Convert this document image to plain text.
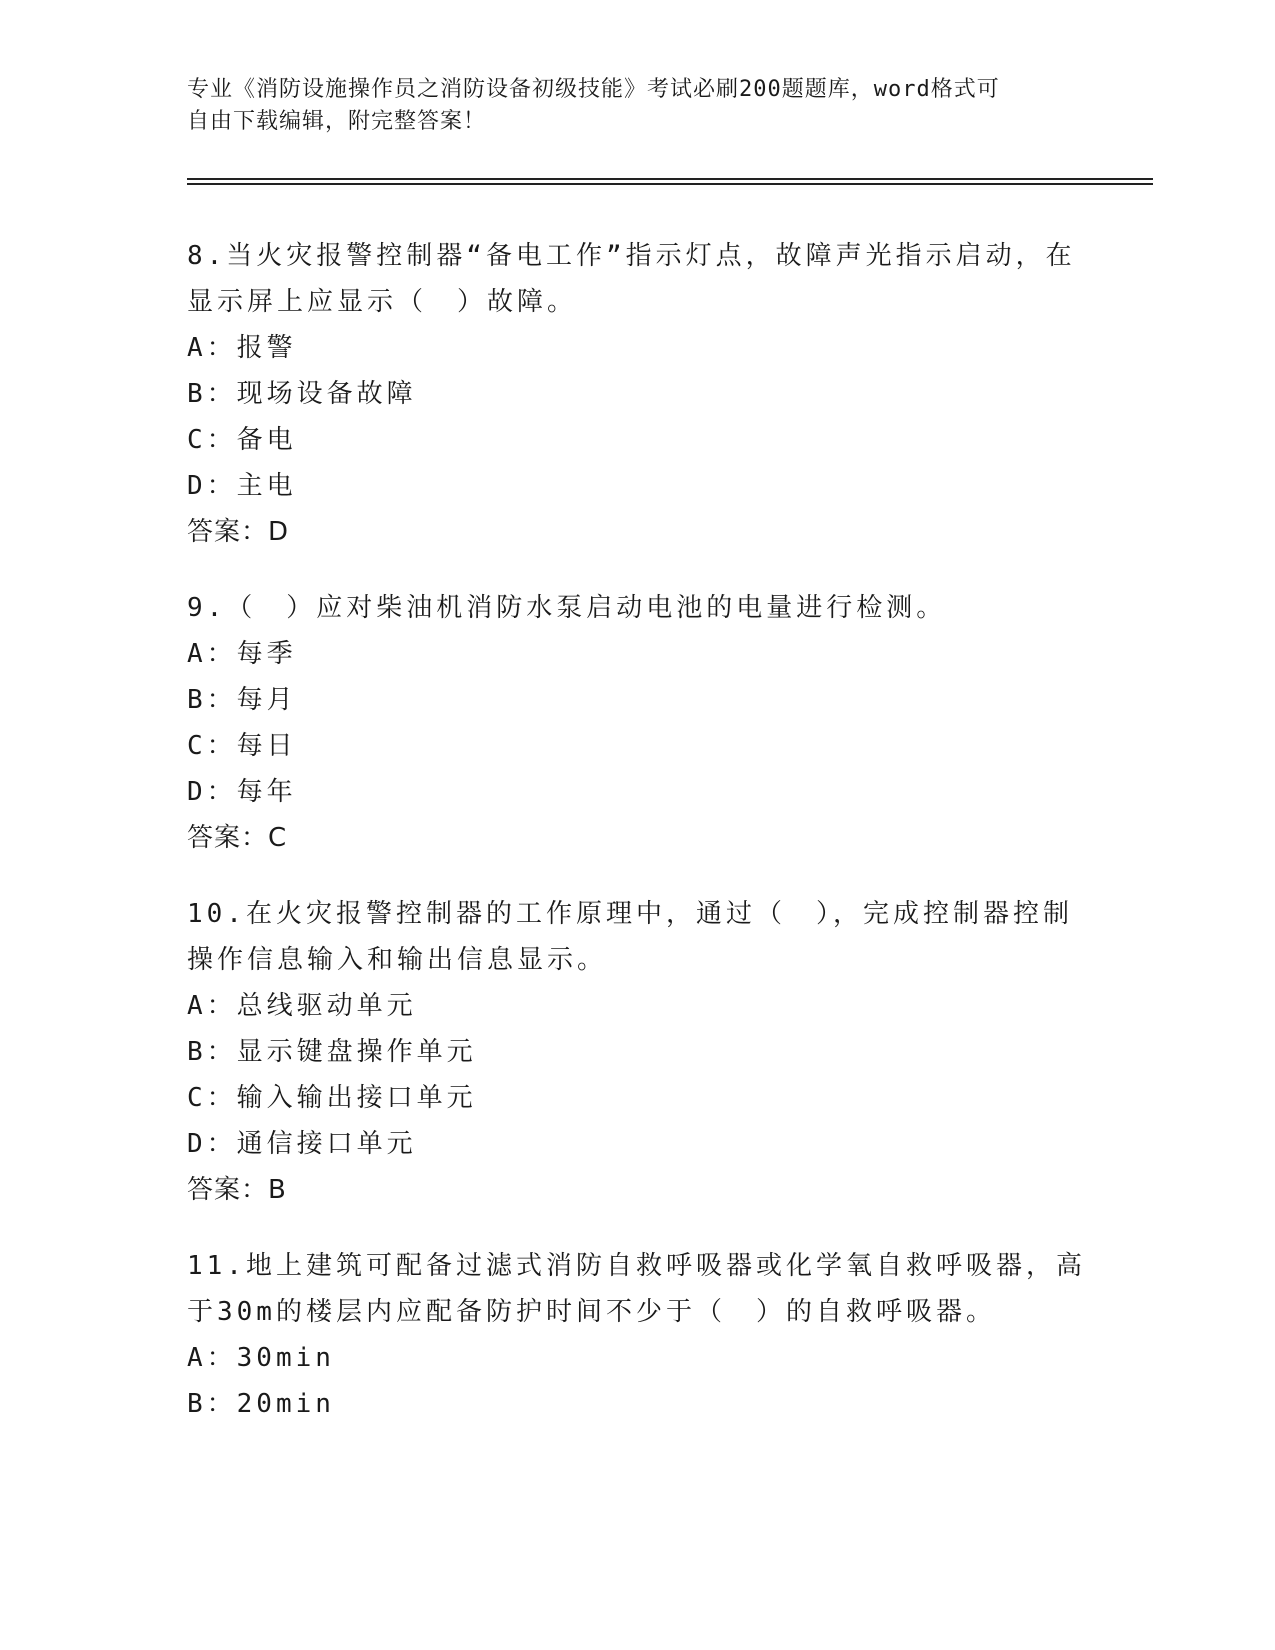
专业《消防设施操作员之消防设备初级技能》考试必刷200题题库，word格式可
自由下载编辑，附完整答案！

8.当火灾报警控制器“备电工作”指示灯点，故障声光指示启动，在显示屏上应显示（　）故障。

A：报警

B：现场设备故障

C：备电

D：主电

答案：D

9.（　）应对柴油机消防水泵启动电池的电量进行检测。

A：每季

B：每月

C：每日

D：每年

答案：C

10.在火灾报警控制器的工作原理中，通过（　），完成控制器控制操作信息输入和输出信息显示。

A：总线驱动单元

B：显示键盘操作单元

C：输入输出接口单元

D：通信接口单元

答案：B

11.地上建筑可配备过滤式消防自救呼吸器或化学氧自救呼吸器，高于30m的楼层内应配备防护时间不少于（　）的自救呼吸器。

A：30min

B：20min
